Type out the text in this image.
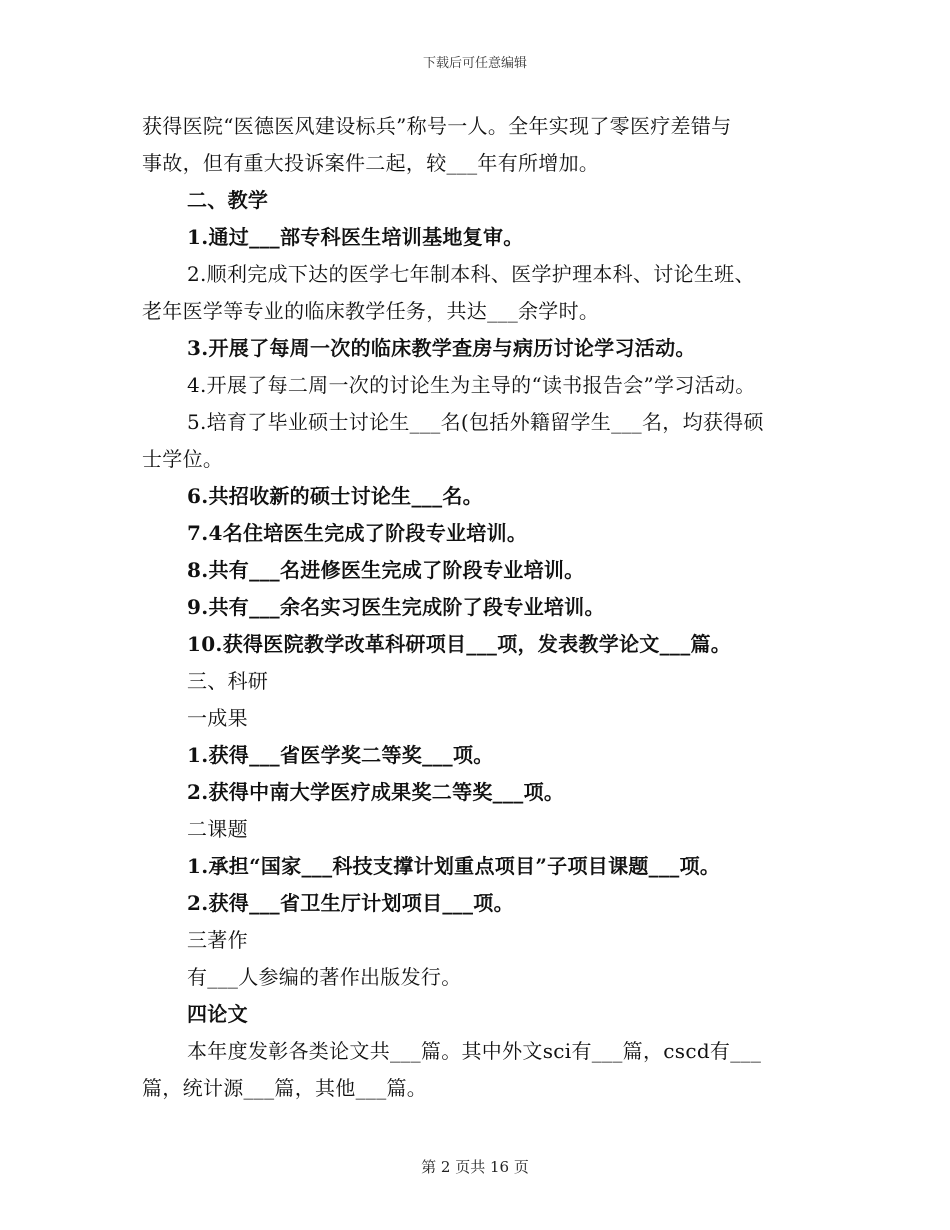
下载后可任意编辑
获得医院“医德医风建设标兵”称号一人。全年实现了零医疗差错与
事故，但有重大投诉案件二起，较___年有所增加。
二、教学
1.通过___部专科医生培训基地复审。
2.顺利完成下达的医学七年制本科、医学护理本科、讨论生班、
老年医学等专业的临床教学任务，共达___余学时。
3.开展了每周一次的临床教学查房与病历讨论学习活动。
4.开展了每二周一次的讨论生为主导的“读书报告会”学习活动。
5.培育了毕业硕士讨论生___名(包括外籍留学生___名，均获得硕
士学位。
6.共招收新的硕士讨论生___名。
7.4名住培医生完成了阶段专业培训。
8.共有___名进修医生完成了阶段专业培训。
9.共有___余名实习医生完成阶了段专业培训。
10.获得医院教学改革科研项目___项，发表教学论文___篇。
三、科研
一成果
1.获得___省医学奖二等奖___项。
2.获得中南大学医疗成果奖二等奖___项。
二课题
1.承担“国家___科技支撑计划重点项目”子项目课题___项。
2.获得___省卫生厅计划项目___项。
三著作
有___人参编的著作出版发行。
四论文
本年度发彰各类论文共___篇。其中外文sci有___篇，cscd有___
篇，统计源___篇，其他___篇。
第 2 页共 16 页
